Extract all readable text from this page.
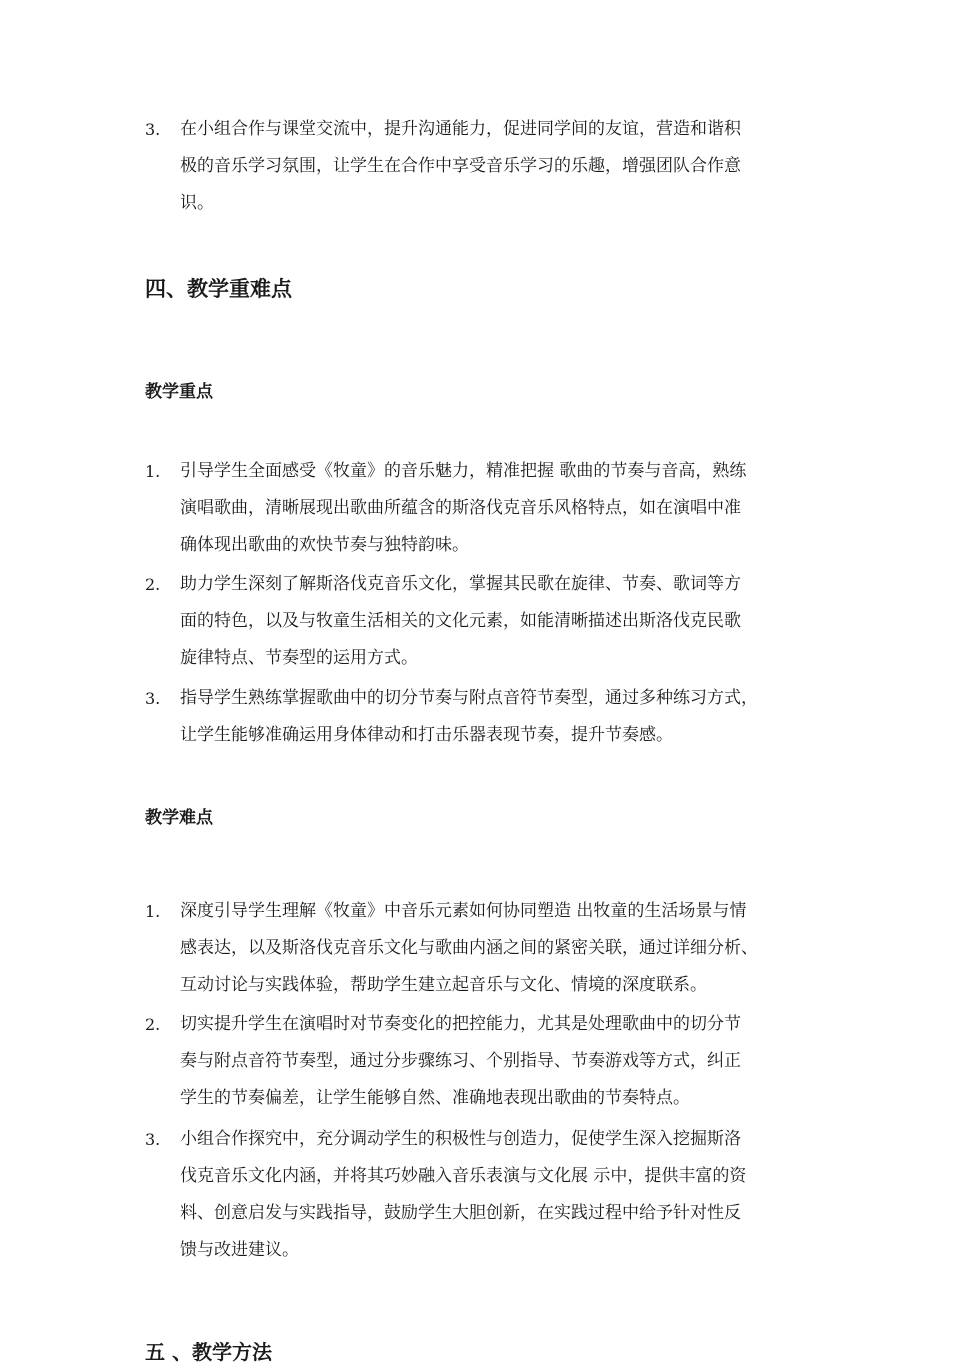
3.	在小组合作与课堂交流中，提升沟通能力，促进同学间的友谊，营造和谐积
极的音乐学习氛围，让学生在合作中享受音乐学习的乐趣，增强团队合作意
识。
四、教学重难点
教学重点
1.	引导学生全面感受《牧童》的音乐魅力，精准把握 歌曲的节奏与音高，熟练
演唱歌曲，清晰展现出歌曲所蕴含的斯洛伐克音乐风格特点，如在演唱中准
确体现出歌曲的欢快节奏与独特韵味。
2.	助力学生深刻了解斯洛伐克音乐文化，掌握其民歌在旋律、节奏、歌词等方
面的特色，以及与牧童生活相关的文化元素，如能清晰描述出斯洛伐克民歌
旋律特点、节奏型的运用方式。
3.	指导学生熟练掌握歌曲中的切分节奏与附点音符节奏型，通过多种练习方式，
让学生能够准确运用身体律动和打击乐器表现节奏，提升节奏感。
教学难点
1.	深度引导学生理解《牧童》中音乐元素如何协同塑造 出牧童的生活场景与情
感表达，以及斯洛伐克音乐文化与歌曲内涵之间的紧密关联，通过详细分析、
互动讨论与实践体验，帮助学生建立起音乐与文化、情境的深度联系。
2.	切实提升学生在演唱时对节奏变化的把控能力，尤其是处理歌曲中的切分节
奏与附点音符节奏型，通过分步骤练习、个别指导、节奏游戏等方式，纠正
学生的节奏偏差，让学生能够自然、准确地表现出歌曲的节奏特点。
3.	小组合作探究中，充分调动学生的积极性与创造力，促使学生深入挖掘斯洛
伐克音乐文化内涵，并将其巧妙融入音乐表演与文化展 示中，提供丰富的资
料、创意启发与实践指导，鼓励学生大胆创新，在实践过程中给予针对性反
馈与改进建议。
五 、教学方法
